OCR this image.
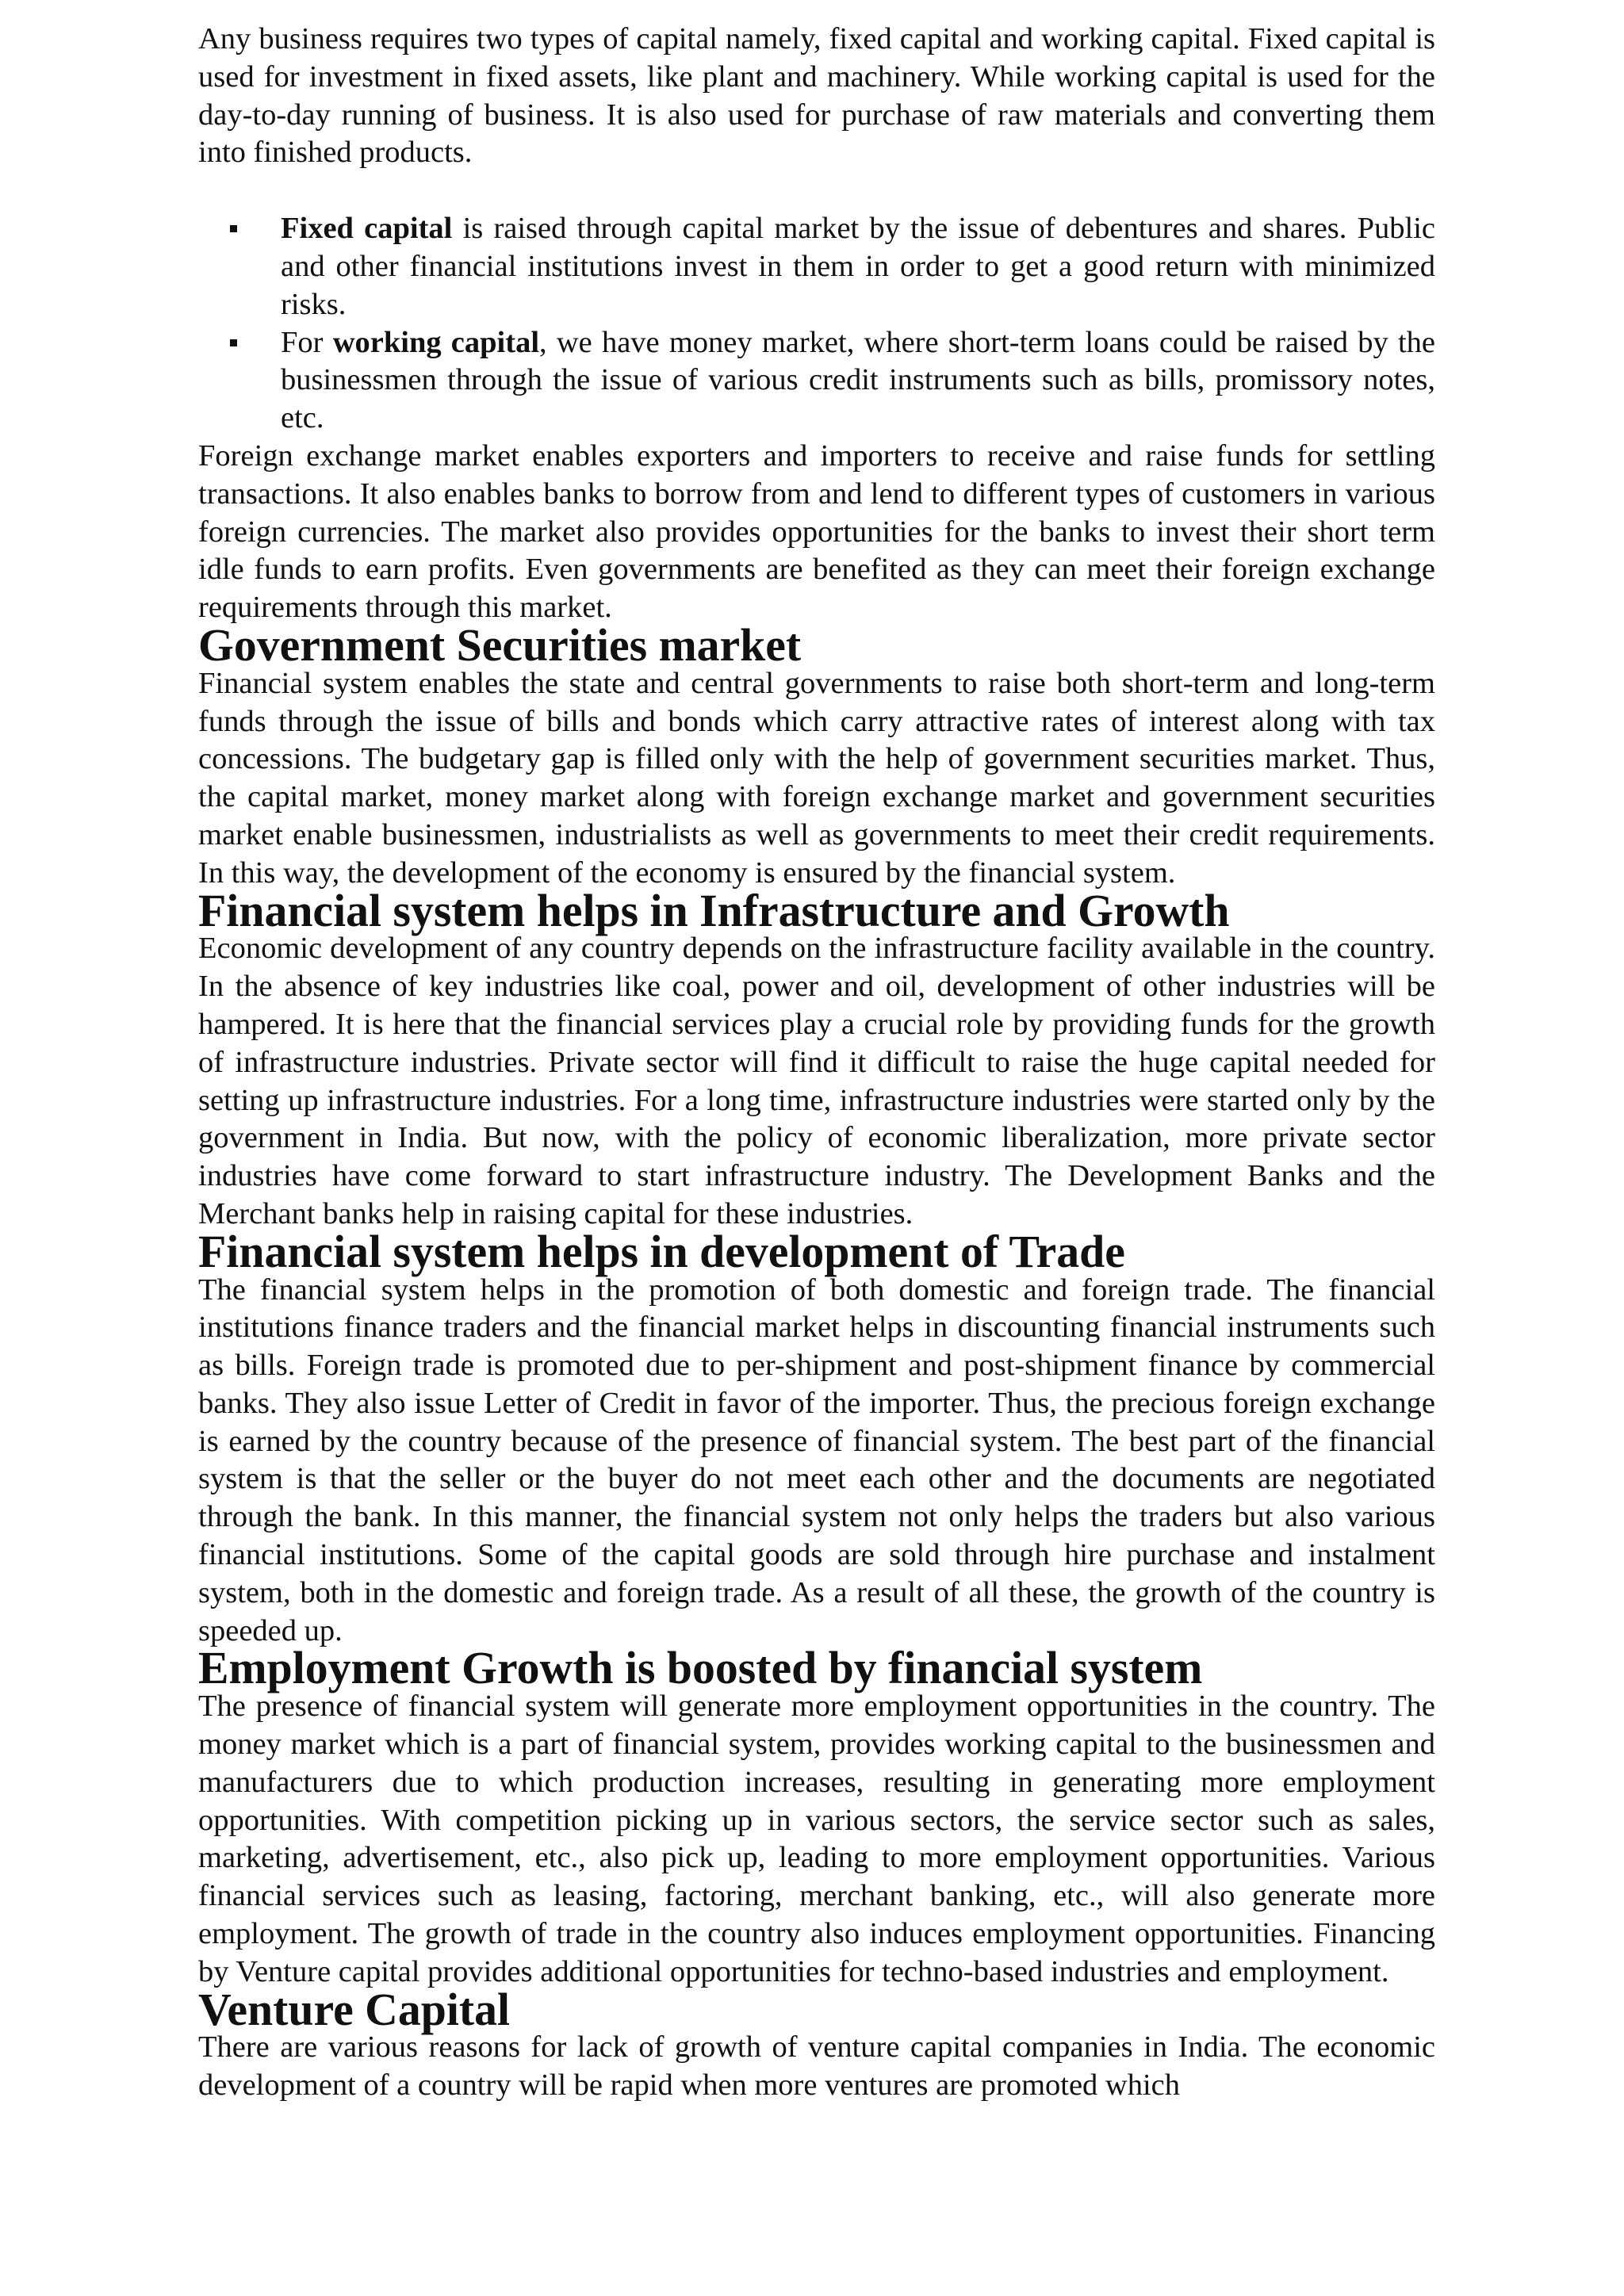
Any business requires two types of capital namely, fixed capital and working capital. Fixed capital is used for investment in fixed assets, like plant and machinery. While working capital is used for the day-to-day running of business. It is also used for purchase of raw materials and converting them into finished products.

Fixed capital is raised through capital market by the issue of debentures and shares. Public and other financial institutions invest in them in order to get a good return with minimized risks.
For working capital, we have money market, where short-term loans could be raised by the businessmen through the issue of various credit instruments such as bills, promissory notes, etc.

Foreign exchange market enables exporters and importers to receive and raise funds for settling transactions. It also enables banks to borrow from and lend to different types of customers in various foreign currencies. The market also provides opportunities for the banks to invest their short term idle funds to earn profits. Even governments are benefited as they can meet their foreign exchange requirements through this market.

Government Securities market

Financial system enables the state and central governments to raise both short-term and long-term funds through the issue of bills and bonds which carry attractive rates of interest along with tax concessions. The budgetary gap is filled only with the help of government securities market. Thus, the capital market, money market along with foreign exchange market and government securities market enable businessmen, industrialists as well as governments to meet their credit requirements. In this way, the development of the economy is ensured by the financial system.

Financial system helps in Infrastructure and Growth

Economic development of any country depends on the infrastructure facility available in the country. In the absence of key industries like coal, power and oil, development of other industries will be hampered. It is here that the financial services play a crucial role by providing funds for the growth of infrastructure industries. Private sector will find it difficult to raise the huge capital needed for setting up infrastructure industries. For a long time, infrastructure industries were started only by the government in India. But now, with the policy of economic liberalization, more private sector industries have come forward to start infrastructure industry. The Development Banks and the Merchant banks help in raising capital for these industries.

Financial system helps in development of Trade

The financial system helps in the promotion of both domestic and foreign trade. The financial institutions finance traders and the financial market helps in discounting financial instruments such as bills. Foreign trade is promoted due to per-shipment and post-shipment finance by commercial banks. They also issue Letter of Credit in favor of the importer. Thus, the precious foreign exchange is earned by the country because of the presence of financial system. The best part of the financial system is that the seller or the buyer do not meet each other and the documents are negotiated through the bank. In this manner, the financial system not only helps the traders but also various financial institutions. Some of the capital goods are sold through hire purchase and instalment system, both in the domestic and foreign trade. As a result of all these, the growth of the country is speeded up.

Employment Growth is boosted by financial system

The presence of financial system will generate more employment opportunities in the country. The money market which is a part of financial system, provides working capital to the businessmen and manufacturers due to which production increases, resulting in generating more employment opportunities. With competition picking up in various sectors, the service sector such as sales, marketing, advertisement, etc., also pick up, leading to more employment opportunities. Various financial services such as leasing, factoring, merchant banking, etc., will also generate more employment. The growth of trade in the country also induces employment opportunities. Financing by Venture capital provides additional opportunities for techno-based industries and employment.

Venture Capital

There are various reasons for lack of growth of venture capital companies in India. The economic development of a country will be rapid when more ventures are promoted which
